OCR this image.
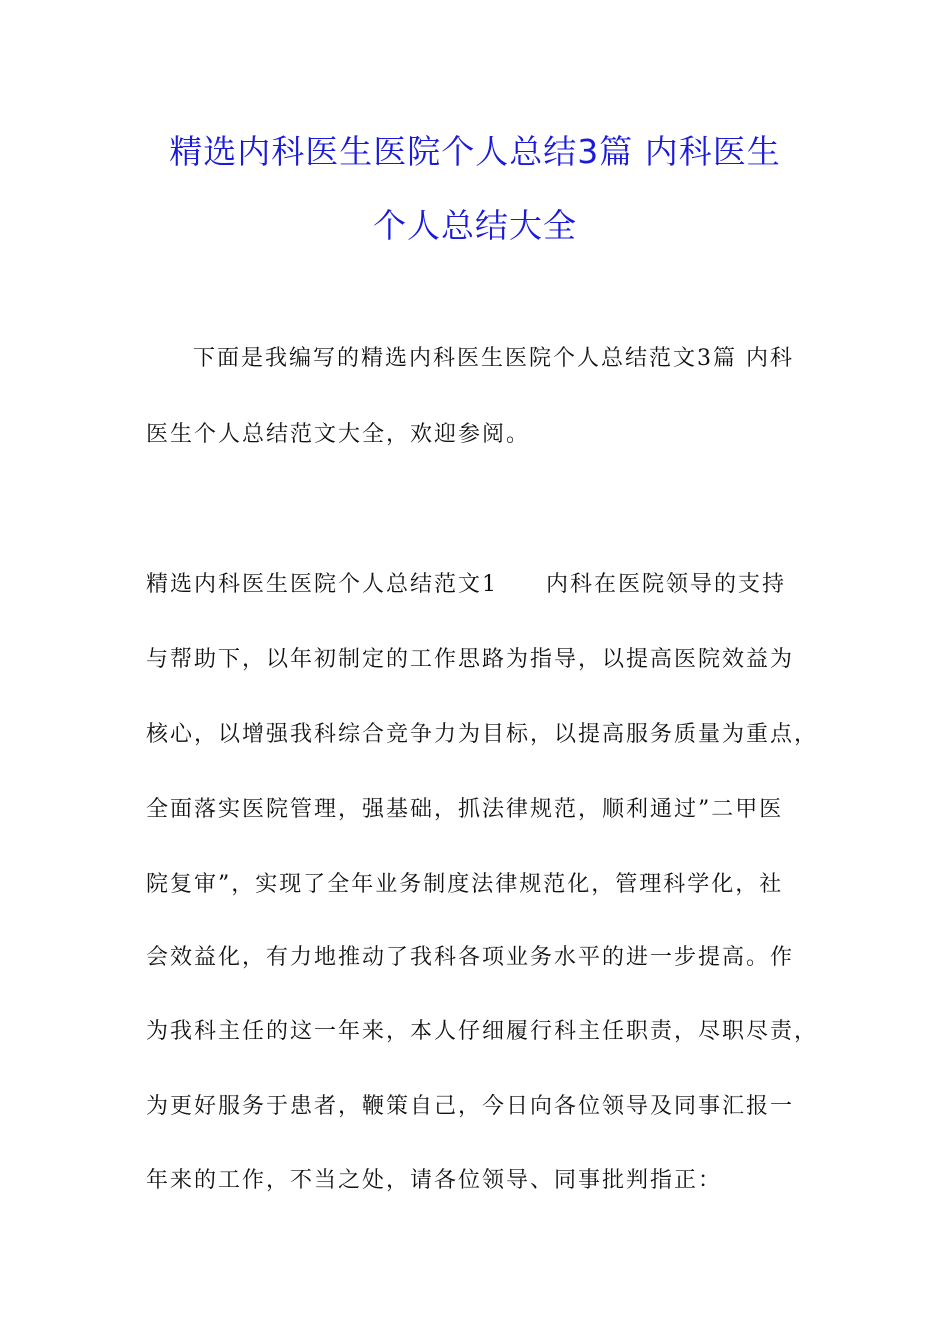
精选内科医生医院个人总结3篇 内科医生
个人总结大全
下面是我编写的精选内科医生医院个人总结范文3篇 内科
医生个人总结范文大全，欢迎参阅。
精选内科医生医院个人总结范文1　　内科在医院领导的支持
与帮助下，以年初制定的工作思路为指导，以提高医院效益为
核心，以增强我科综合竞争力为目标，以提高服务质量为重点，
全面落实医院管理，强基础，抓法律规范，顺利通过”二甲医
院复审”，实现了全年业务制度法律规范化，管理科学化，社
会效益化，有力地推动了我科各项业务水平的进一步提高。作
为我科主任的这一年来，本人仔细履行科主任职责，尽职尽责，
为更好服务于患者，鞭策自己，今日向各位领导及同事汇报一
年来的工作，不当之处，请各位领导、同事批判指正：
